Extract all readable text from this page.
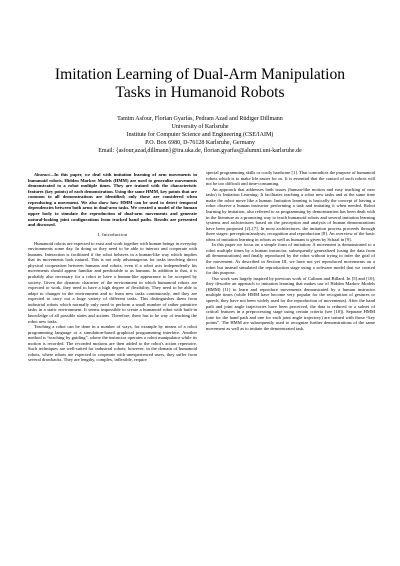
Imitation Learning of Dual-Arm Manipulation
Tasks in Humanoid Robots
Tamim Asfour, Florian Gyarfas, Pedram Azad and Rüdiger Dillmann
University of Karlsruhe
Institute for Computer Science and Engineering (CSE/IAIM)
P.O. Box 6980, D-76128 Karlsruhe, Germany
Email: {asfour,azad,dillmann}@ira.uka.de, florian.gyarfas@alumni.uni-karlsruhe.de

Abstract—In this paper, we deal with imitation learning of arm movements in humanoid robots. Hidden Markov Models (HMM) are used to generalize movements demonstrated to a robot multiple times. They are trained with the characteristic features (key points) of each demonstration. Using the same HMM, key points that are common to all demonstrations are identified; only those are considered when reproducing a movement. We also show how HMM can be used to detect temporal dependencies between both arms in dual-arm tasks. We created a model of the human upper body to simulate the reproduction of dual-arm movements and generate natural-looking joint configurations from tracked hand paths. Results are presented and discussed.

I. Introduction

Humanoid robots are expected to exist and work together with human beings in everyday environments some day. In doing so they need to be able to interact and cooperate with humans. Interaction is facilitated if the robot behaves in a human-like way which implies that its movements look natural. This is not only advantageous for tasks involving direct physical cooperation between humans and robots; even if a robot acts independently his movements should appear familiar and predictable to us humans. In addition to that, it is probably also necessary for a robot to have a human-like appearance to be accepted by society. Given the dynamic character of the environment in which humanoid robots are expected to work, they need to have a high degree of flexibility. They need to be able to adapt to changes in the environment and to learn new tasks continuously, and they are expected to carry out a huge variety of different tasks. This distinguishes them from industrial robots which normally only need to perform a small number of rather primitive tasks in a static environment. It seems impossible to create a humanoid robot with built-in knowledge of all possible states and actions. Therefore, there has to be way of teaching the robot new tasks.

Teaching a robot can be done in a number of ways, for example by means of a robot programming language or a simulation-based graphical programming interface. Another method is “teaching by guiding”, where the instructor operates a robot manipulator while its motion is recorded. The recorded motions are then added to the robot's action repertoire. Such techniques are well-suited for industrial robots; however, in the domain of humanoid robots, where robots are expected to cooperate with unexperienced users, they suffer from several drawbacks. They are lengthy, complex, inflexible, require

special programming skills or costly hardware [1]. That contradicts the purpose of humanoid robots which is to make life easier for us. It is essential that the control of such robots will not be too difficult and time-consuming.

An approach that addresses both issues (human-like motion and easy teaching of new tasks) is Imitation Learning: It facilitates teaching a robot new tasks and at the same time make the robot move like a human. Imitation learning is basically the concept of having a robot observe a human instructor performing a task and imitating it when needed. Robot learning by imitation, also referred to as programming by demonstration has been dealt with in the literature as a promising way to teach humanoid robots and several imitation learning systems and architectures based on the perception and analysis of human demonstrations have been proposed [2]–[7]. In most architectures, the imitation process proceeds through three stages: perception/analysis, recognition and reproduction [8]. An overview of the basic ideas of imitation learning in robots as well as humans is given by Schaal in [9].

In this paper we focus on a simple form of imitation: A movement is demonstrated to a robot multiple times by a human instructor, subsequently generalized (using the data from all demonstrations) and finally reproduced by the robot without trying to infer the goal of the movement. As described in Section III, we have not yet reproduced movements on a robot but instead simulated the reproduction stage using a software model that we created for this purpose.

Our work was largely inspired by previous work of Calinon and Billard. In [5] and [10], they describe an approach to imitation learning that makes use of Hidden Markov Models (HMM) [11] to learn and reproduce movements demonstrated by a human instructor multiple times (while HMM have become very popular for the recognition of gestures or speech, they have not been widely used for the reproduction of movements). After the hand path and joint angle trajectories have been perceived, the data is reduced to a subset of critical features in a preprocessing stage using certain criteria (see [10]). Separate HMM (one for the hand path and one for each joint angle trajectory) are trained with those “key points”. The HMM are subsequently used to recognize further demonstrations of the same movement as well as to imitate the demonstrated task.
